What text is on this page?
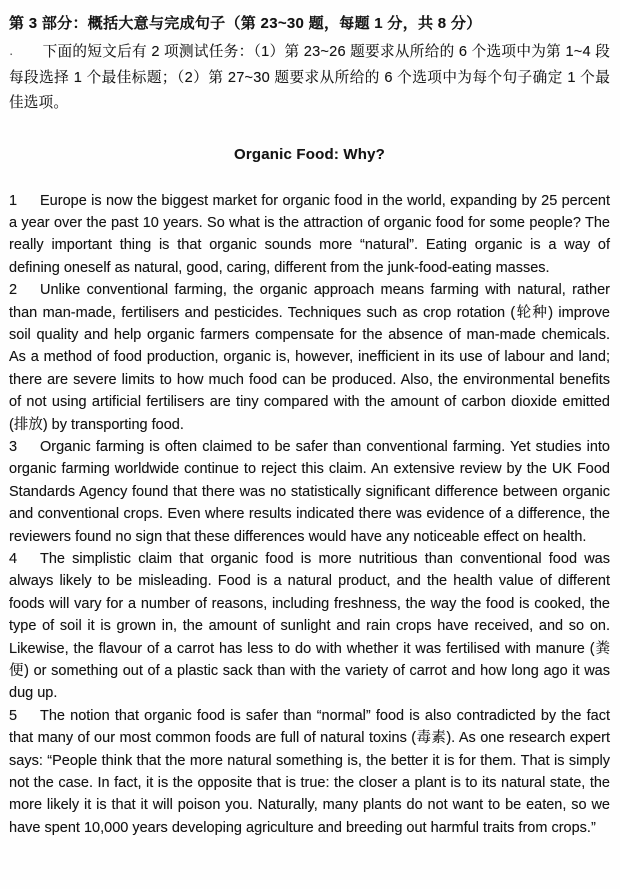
第 3 部分：概括大意与完成句子（第 23~30 题，每题 1 分，共 8 分）
· 下面的短文后有 2 项测试任务：（1）第 23~26 题要求从所给的 6 个选项中为第 1~4 段每段选择 1 个最佳标题；（2）第 27~30 题要求从所给的 6 个选项中为每个句子确定 1 个最佳选项。
Organic Food: Why?

1 Europe is now the biggest market for organic food in the world, expanding by 25 percent a year over the past 10 years. So what is the attraction of organic food for some people? The really important thing is that organic sounds more “natural”. Eating organic is a way of defining oneself as natural, good, caring, different from the junk-food-eating masses.

2 Unlike conventional farming, the organic approach means farming with natural, rather than man-made, fertilisers and pesticides. Techniques such as crop rotation (轮种) improve soil quality and help organic farmers compensate for the absence of man-made chemicals. As a method of food production, organic is, however, inefficient in its use of labour and land; there are severe limits to how much food can be produced. Also, the environmental benefits of not using artificial fertilisers are tiny compared with the amount of carbon dioxide emitted (排放) by transporting food.

3 Organic farming is often claimed to be safer than conventional farming. Yet studies into organic farming worldwide continue to reject this claim. An extensive review by the UK Food Standards Agency found that there was no statistically significant difference between organic and conventional crops. Even where results indicated there was evidence of a difference, the reviewers found no sign that these differences would have any noticeable effect on health.

4 The simplistic claim that organic food is more nutritious than conventional food was always likely to be misleading. Food is a natural product, and the health value of different foods will vary for a number of reasons, including freshness, the way the food is cooked, the type of soil it is grown in, the amount of sunlight and rain crops have received, and so on. Likewise, the flavour of a carrot has less to do with whether it was fertilised with manure (粪便) or something out of a plastic sack than with the variety of carrot and how long ago it was dug up.

5 The notion that organic food is safer than “normal” food is also contradicted by the fact that many of our most common foods are full of natural toxins (毒素). As one research expert says: “People think that the more natural something is, the better it is for them. That is simply not the case. In fact, it is the opposite that is true: the closer a plant is to its natural state, the more likely it is that it will poison you. Naturally, many plants do not want to be eaten, so we have spent 10,000 years developing agriculture and breeding out harmful traits from crops.”
